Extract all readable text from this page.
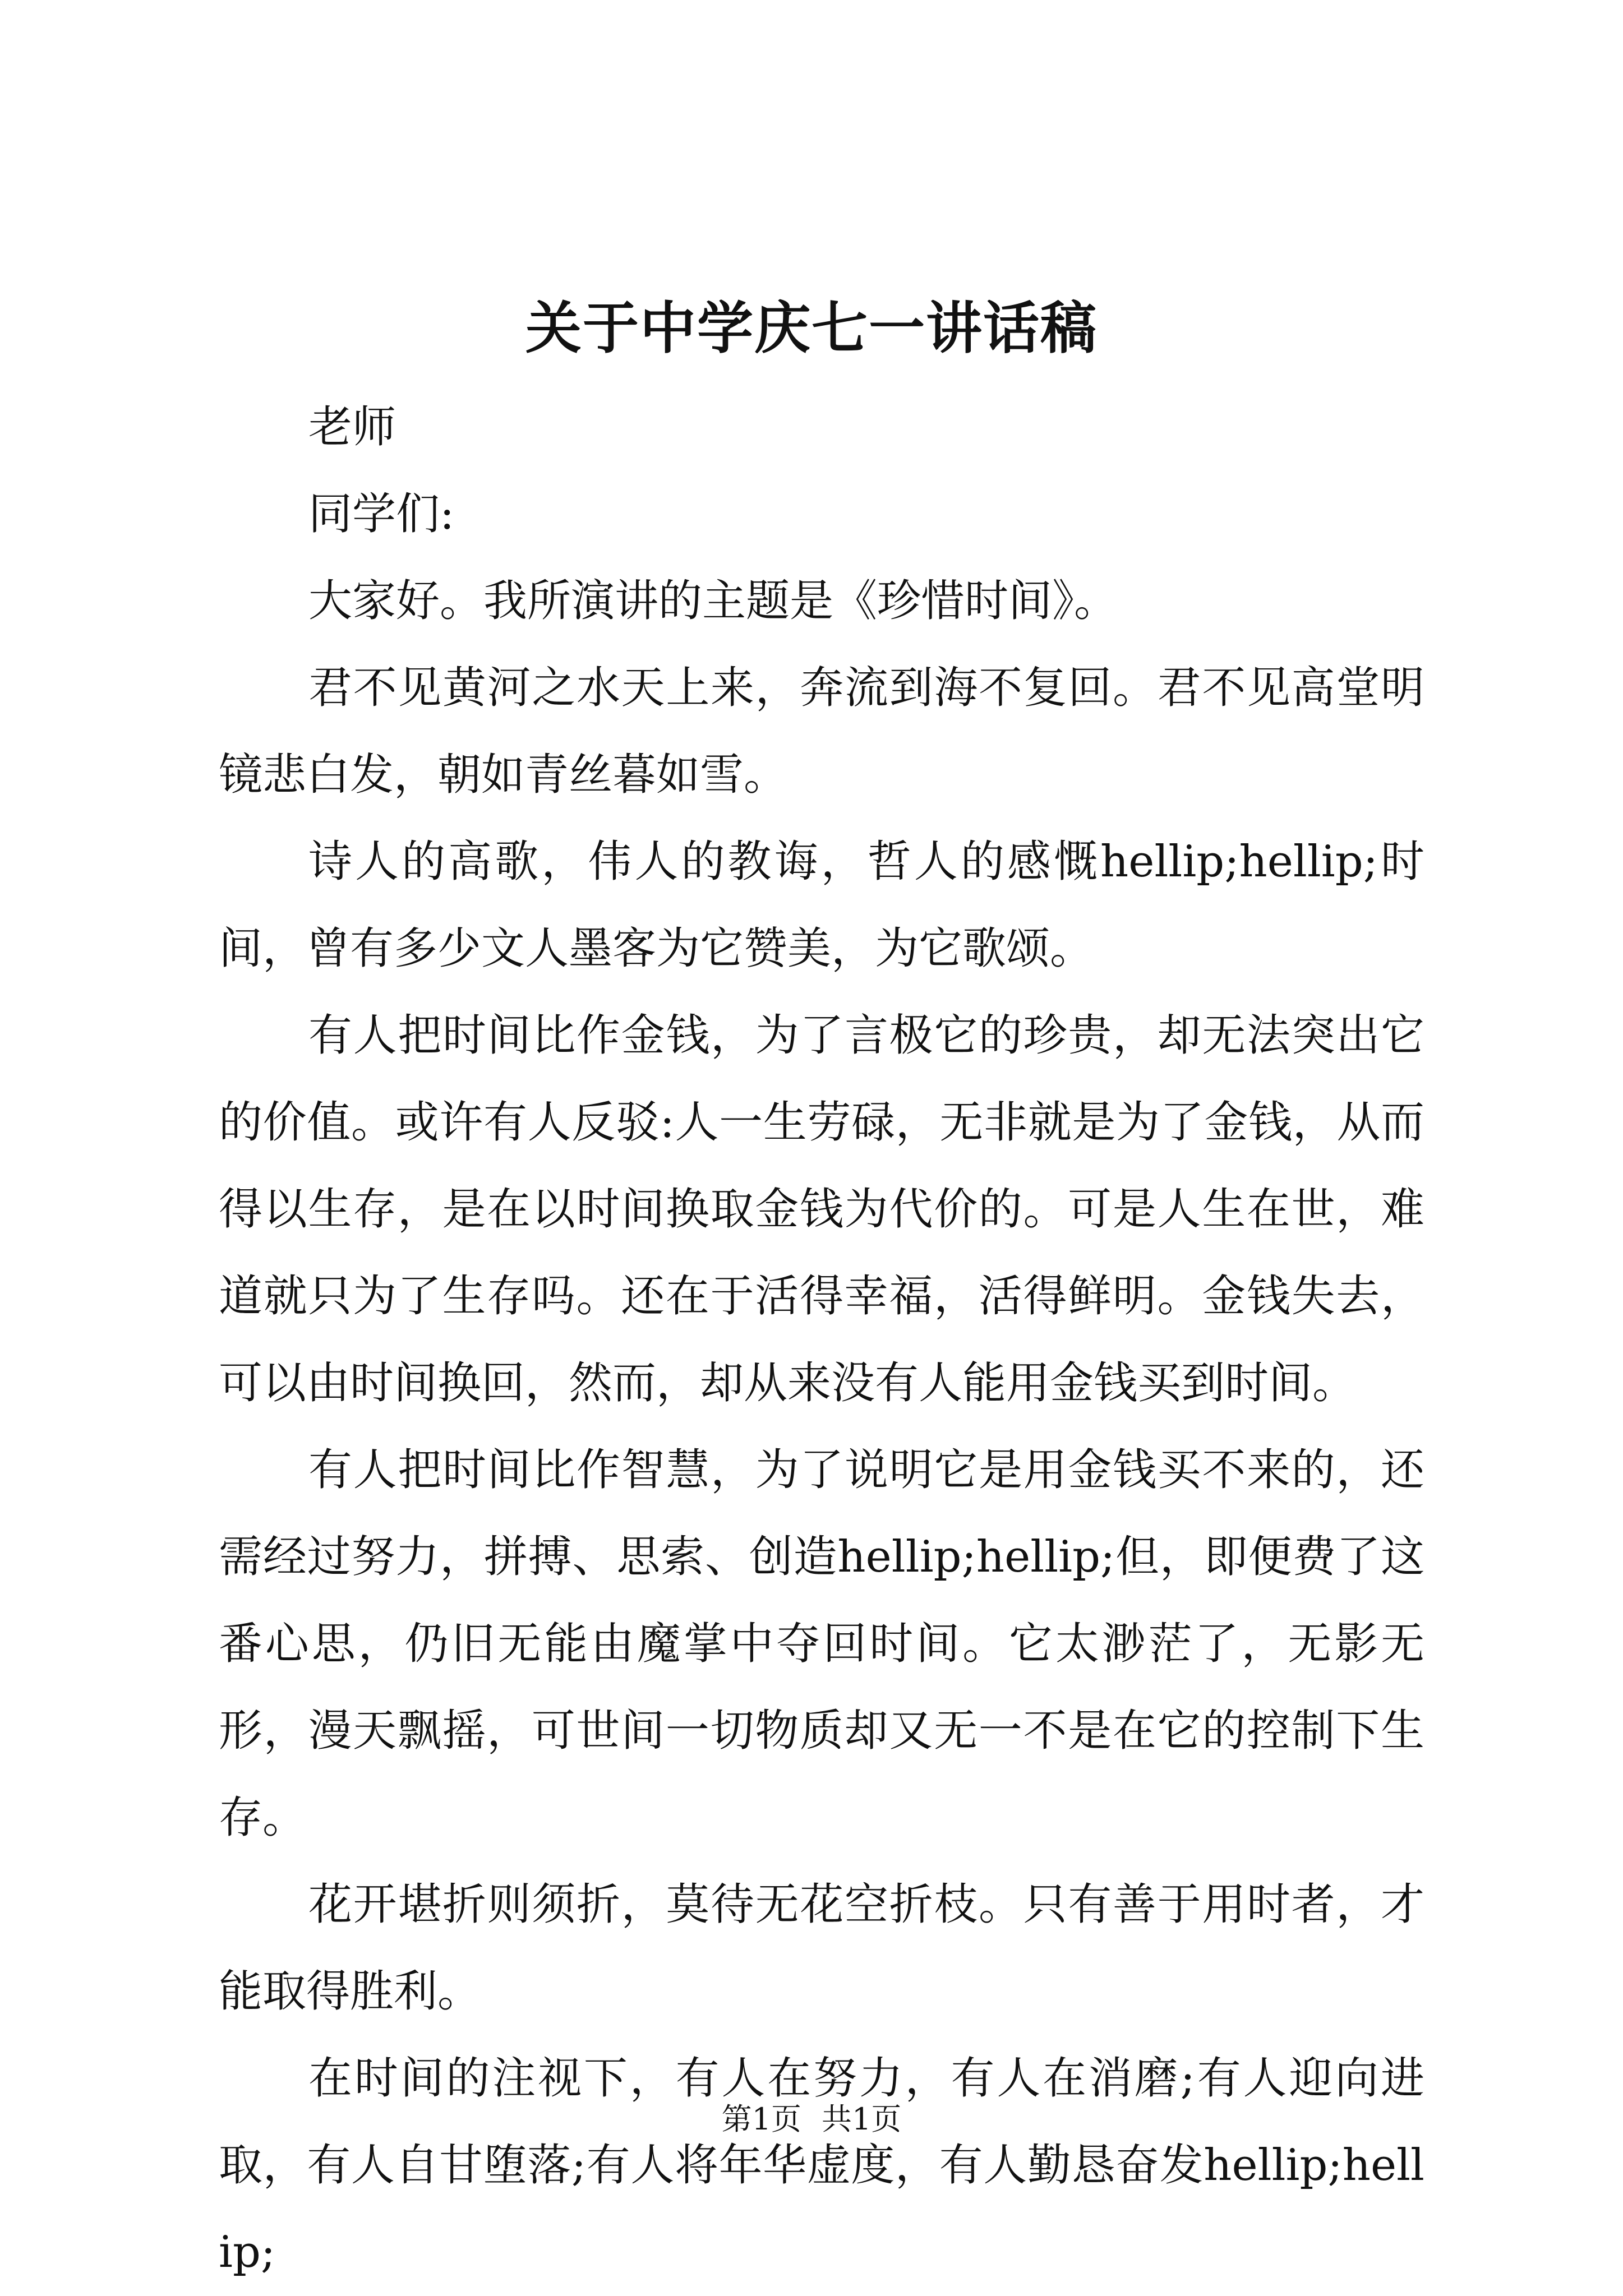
关于中学庆七一讲话稿

老师

同学们:

大家好。我所演讲的主题是《珍惜时间》。

君不见黄河之水天上来，奔流到海不复回。君不见高堂明镜悲白发，朝如青丝暮如雪。

诗人的高歌，伟人的教诲，哲人的感慨hellip;hellip;时间，曾有多少文人墨客为它赞美，为它歌颂。

有人把时间比作金钱，为了言极它的珍贵，却无法突出它的价值。或许有人反驳:人一生劳碌，无非就是为了金钱，从而得以生存，是在以时间换取金钱为代价的。可是人生在世，难道就只为了生存吗。还在于活得幸福，活得鲜明。金钱失去，可以由时间换回，然而，却从来没有人能用金钱买到时间。

有人把时间比作智慧，为了说明它是用金钱买不来的，还需经过努力，拼搏、思索、创造hellip;hellip;但，即便费了这番心思，仍旧无能由魔掌中夺回时间。它太渺茫了，无影无形，漫天飘摇，可世间一切物质却又无一不是在它的控制下生存。

花开堪折则须折，莫待无花空折枝。只有善于用时者，才能取得胜利。

在时间的注视下，有人在努力，有人在消磨;有人迎向进取，有人自甘堕落;有人将年华虚度，有人勤恳奋发hellip;hellip;

第1页 共1页
